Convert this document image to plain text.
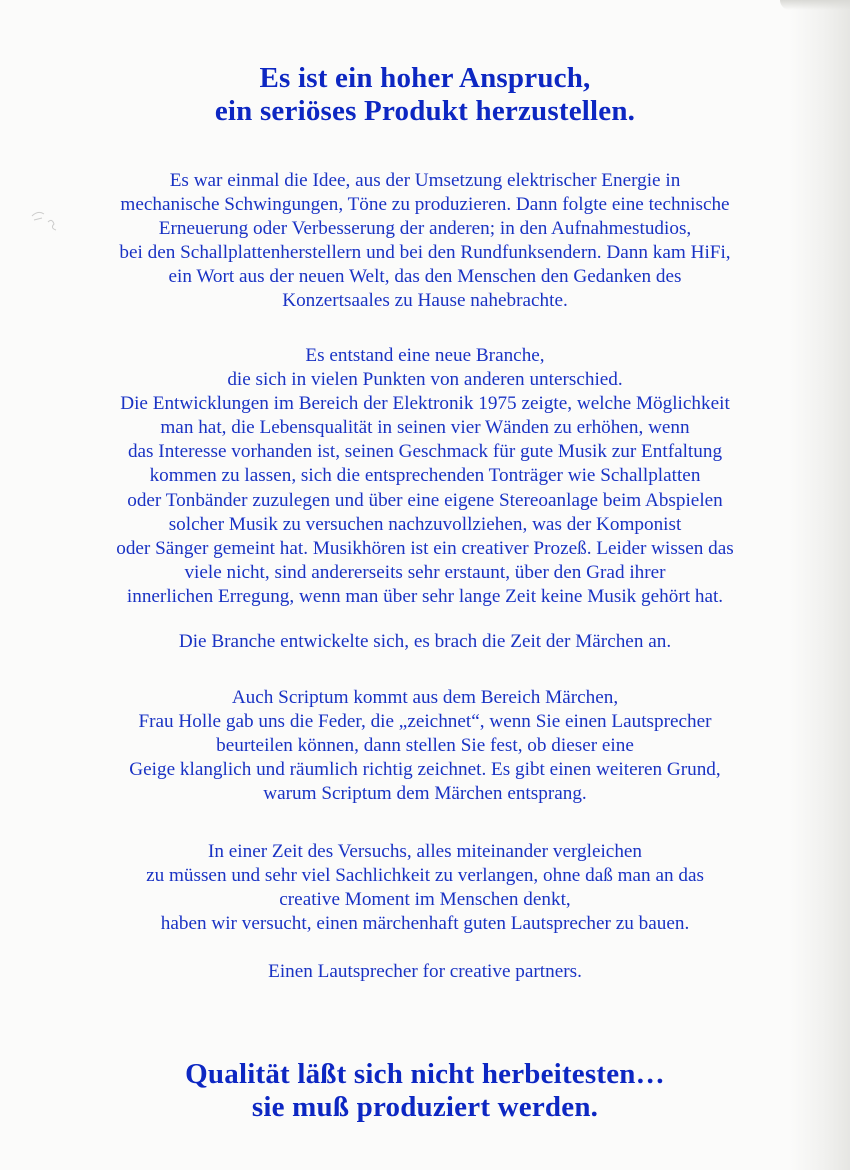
Es ist ein hoher Anspruch,
ein seriöses Produkt herzustellen.
Es war einmal die Idee, aus der Umsetzung elektrischer Energie in
mechanische Schwingungen, Töne zu produzieren. Dann folgte eine technische
Erneuerung oder Verbesserung der anderen; in den Aufnahmestudios,
bei den Schallplattenherstellern und bei den Rundfunksendern. Dann kam HiFi,
ein Wort aus der neuen Welt, das den Menschen den Gedanken des
Konzertsaales zu Hause nahebrachte.
Es entstand eine neue Branche,
die sich in vielen Punkten von anderen unterschied.
Die Entwicklungen im Bereich der Elektronik 1975 zeigte, welche Möglichkeit
man hat, die Lebensqualität in seinen vier Wänden zu erhöhen, wenn
das Interesse vorhanden ist, seinen Geschmack für gute Musik zur Entfaltung
kommen zu lassen, sich die entsprechenden Tonträger wie Schallplatten
oder Tonbänder zuzulegen und über eine eigene Stereoanlage beim Abspielen
solcher Musik zu versuchen nachzuvollziehen, was der Komponist
oder Sänger gemeint hat. Musikhören ist ein creativer Prozeß. Leider wissen das
viele nicht, sind andererseits sehr erstaunt, über den Grad ihrer
innerlichen Erregung, wenn man über sehr lange Zeit keine Musik gehört hat.
Die Branche entwickelte sich, es brach die Zeit der Märchen an.
Auch Scriptum kommt aus dem Bereich Märchen,
Frau Holle gab uns die Feder, die „zeichnet“, wenn Sie einen Lautsprecher
beurteilen können, dann stellen Sie fest, ob dieser eine
Geige klanglich und räumlich richtig zeichnet. Es gibt einen weiteren Grund,
warum Scriptum dem Märchen entsprang.
In einer Zeit des Versuchs, alles miteinander vergleichen
zu müssen und sehr viel Sachlichkeit zu verlangen, ohne daß man an das
creative Moment im Menschen denkt,
haben wir versucht, einen märchenhaft guten Lautsprecher zu bauen.
Einen Lautsprecher for creative partners.
Qualität läßt sich nicht herbeitesten…
sie muß produziert werden.
